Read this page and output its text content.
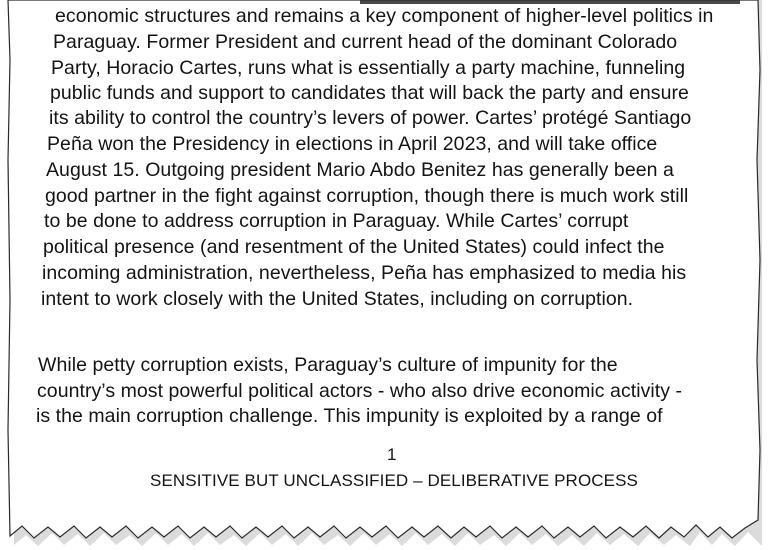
economic structures and remains a key component of higher-level politics in
Paraguay. Former President and current head of the dominant Colorado
Party, Horacio Cartes, runs what is essentially a party machine, funneling
public funds and support to candidates that will back the party and ensure
its ability to control the country’s levers of power. Cartes’ protégé Santiago
Peña won the Presidency in elections in April 2023, and will take office
August 15. Outgoing president Mario Abdo Benitez has generally been a
good partner in the fight against corruption, though there is much work still
to be done to address corruption in Paraguay. While Cartes’ corrupt
political presence (and resentment of the United States) could infect the
incoming administration, nevertheless, Peña has emphasized to media his
intent to work closely with the United States, including on corruption.
While petty corruption exists, Paraguay’s culture of impunity for the
country’s most powerful political actors - who also drive economic activity -
is the main corruption challenge. This impunity is exploited by a range of
1
SENSITIVE BUT UNCLASSIFIED – DELIBERATIVE PROCESS
